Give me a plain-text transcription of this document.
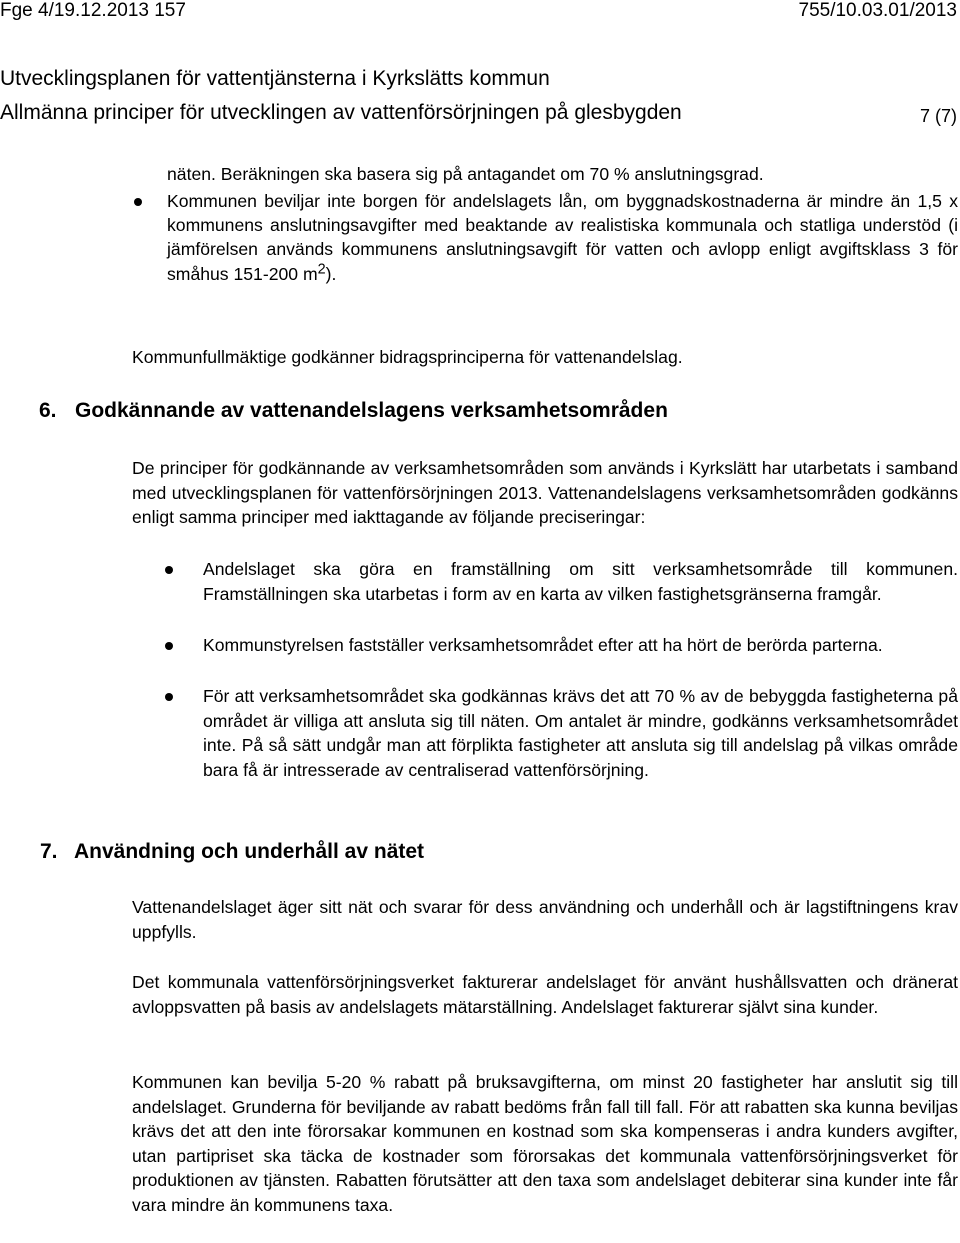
Fge 4/19.12.2013 157	755/10.03.01/2013
Utvecklingsplanen för vattentjänsterna i Kyrkslätts kommun
Allmänna principer för utvecklingen av vattenförsörjningen på glesbygden	7 (7)
näten. Beräkningen ska basera sig på antagandet om 70 % anslutningsgrad.
Kommunen beviljar inte borgen för andelslagets lån, om byggnadskostnaderna är mindre än 1,5 x kommunens anslutningsavgifter med beaktande av realistiska kommunala och statliga understöd (i jämförelsen används kommunens anslutningsavgift för vatten och avlopp enligt avgiftsklass 3 för småhus 151-200 $m^2$).
Kommunfullmäktige godkänner bidragsprinciperna för vattenandelslag.
6. Godkännande av vattenandelslagens verksamhetsområden
De principer för godkännande av verksamhetsområden som används i Kyrkslätt har utarbetats i samband med utvecklingsplanen för vattenförsörjningen 2013. Vattenandelslagens verksamhetsområden godkänns enligt samma principer med iakttagande av följande preciseringar:
Andelslaget ska göra en framställning om sitt verksamhetsområde till kommunen. Framställningen ska utarbetas i form av en karta av vilken fastighetsgränserna framgår.
Kommunstyrelsen fastställer verksamhetsområdet efter att ha hört de berörda parterna.
För att verksamhetsområdet ska godkännas krävs det att 70 % av de bebyggda fastigheterna på området är villiga att ansluta sig till näten. Om antalet är mindre, godkänns verksamhetsområdet inte. På så sätt undgår man att förplikta fastigheter att ansluta sig till andelslag på vilkas område bara få är intresserade av centraliserad vattenförsörjning.
7. Användning och underhåll av nätet
Vattenandelslaget äger sitt nät och svarar för dess användning och underhåll och är lagstiftningens krav uppfylls.
Det kommunala vattenförsörjningsverket fakturerar andelslaget för använt hushållsvatten och dränerat avloppsvatten på basis av andelslagets mätarställning. Andelslaget fakturerar självt sina kunder.
Kommunen kan bevilja 5-20 % rabatt på bruksavgifterna, om minst 20 fastigheter har anslutit sig till andelslaget. Grunderna för beviljande av rabatt bedöms från fall till fall. För att rabatten ska kunna beviljas krävs det att den inte förorsakar kommunen en kostnad som ska kompenseras i andra kunders avgifter, utan partipriset ska täcka de kostnader som förorsakas det kommunala vattenförsörjningsverket för produktionen av tjänsten. Rabatten förutsätter att den taxa som andelslaget debiterar sina kunder inte får vara mindre än kommunens taxa.
